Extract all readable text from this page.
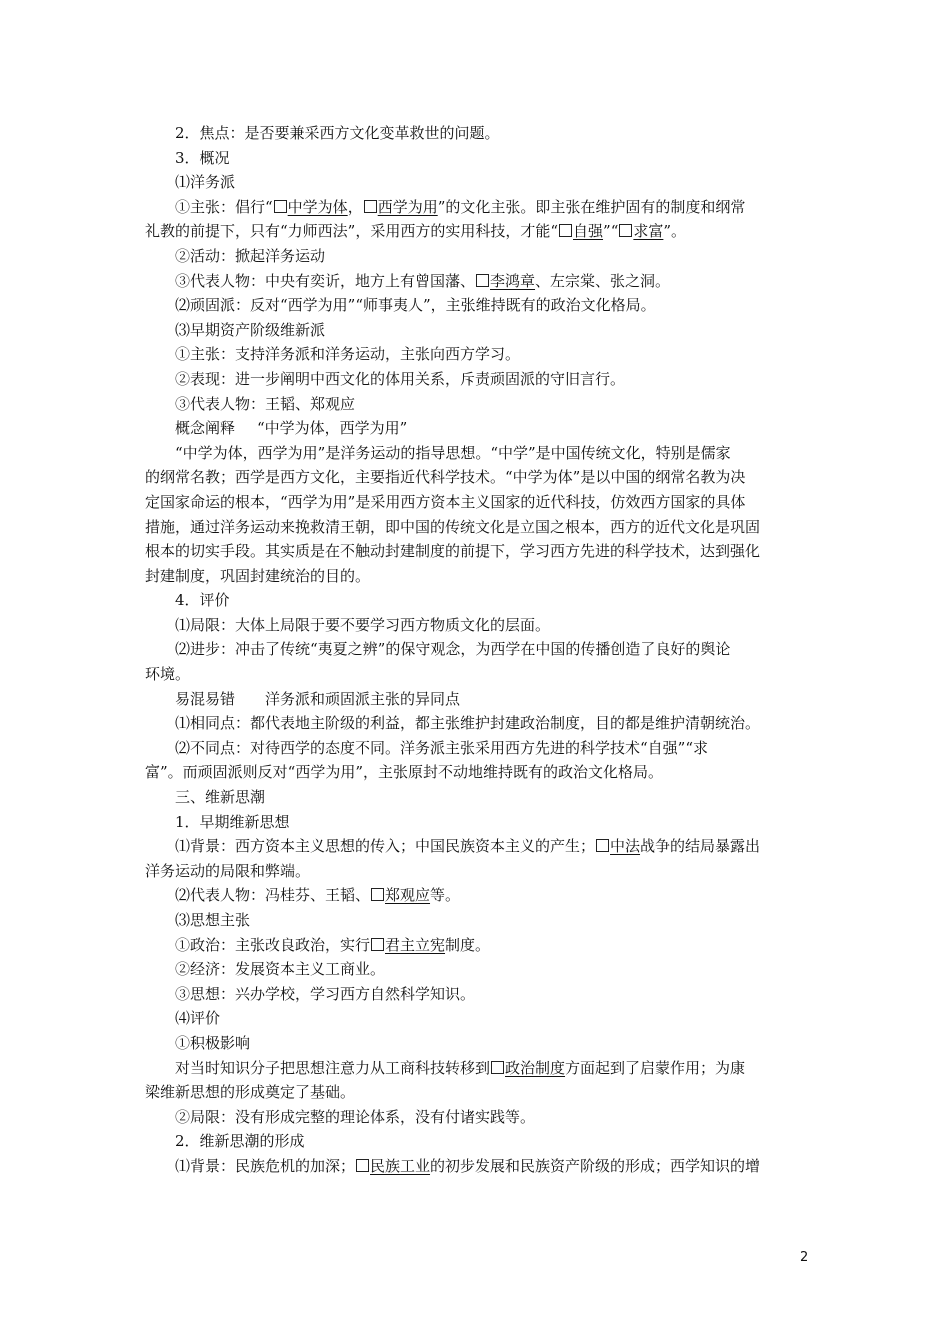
2．焦点：是否要兼采西方文化变革救世的问题。

3．概况

⑴洋务派

①主张：倡行“ 中学为体， 西学为用”的文化主张。即主张在维护固有的制度和纲常

礼教的前提下，只有“力师西法”，采用西方的实用科技，才能“ 自强”“ 求富”。

②活动：掀起洋务运动

③代表人物：中央有奕䜣，地方上有曾国藩、 李鸿章、左宗棠、张之洞。

⑵顽固派：反对“西学为用”“师事夷人”，主张维持既有的政治文化格局。

⑶早期资产阶级维新派

①主张：支持洋务派和洋务运动，主张向西方学习。

②表现：进一步阐明中西文化的体用关系，斥责顽固派的守旧言行。

③代表人物：王韬、郑观应

概念阐释 “中学为体，西学为用”

“中学为体，西学为用”是洋务运动的指导思想。“中学”是中国传统文化，特别是儒家

的纲常名教；西学是西方文化，主要指近代科学技术。“中学为体”是以中国的纲常名教为决

定国家命运的根本，“西学为用”是采用西方资本主义国家的近代科技，仿效西方国家的具体

措施，通过洋务运动来挽救清王朝，即中国的传统文化是立国之根本，西方的近代文化是巩固

根本的切实手段。其实质是在不触动封建制度的前提下，学习西方先进的科学技术，达到强化

封建制度，巩固封建统治的目的。

4．评价

⑴局限：大体上局限于要不要学习西方物质文化的层面。

⑵进步：冲击了传统“夷夏之辨”的保守观念，为西学在中国的传播创造了良好的舆论

环境。

易混易错 洋务派和顽固派主张的异同点

⑴相同点：都代表地主阶级的利益，都主张维护封建政治制度，目的都是维护清朝统治。

⑵不同点：对待西学的态度不同。洋务派主张采用西方先进的科学技术“自强”“求

富”。而顽固派则反对“西学为用”，主张原封不动地维持既有的政治文化格局。

三、维新思潮

1．早期维新思想

⑴背景：西方资本主义思想的传入；中国民族资本主义的产生； 中法战争的结局暴露出

洋务运动的局限和弊端。

⑵代表人物：冯桂芬、王韬、 郑观应等。

⑶思想主张

①政治：主张改良政治，实行 君主立宪制度。

②经济：发展资本主义工商业。

③思想：兴办学校，学习西方自然科学知识。

⑷评价

①积极影响

对当时知识分子把思想注意力从工商科技转移到 政治制度方面起到了启蒙作用；为康

梁维新思想的形成奠定了基础。

②局限：没有形成完整的理论体系，没有付诸实践等。

2．维新思潮的形成

⑴背景：民族危机的加深； 民族工业的初步发展和民族资产阶级的形成；西学知识的增

2
